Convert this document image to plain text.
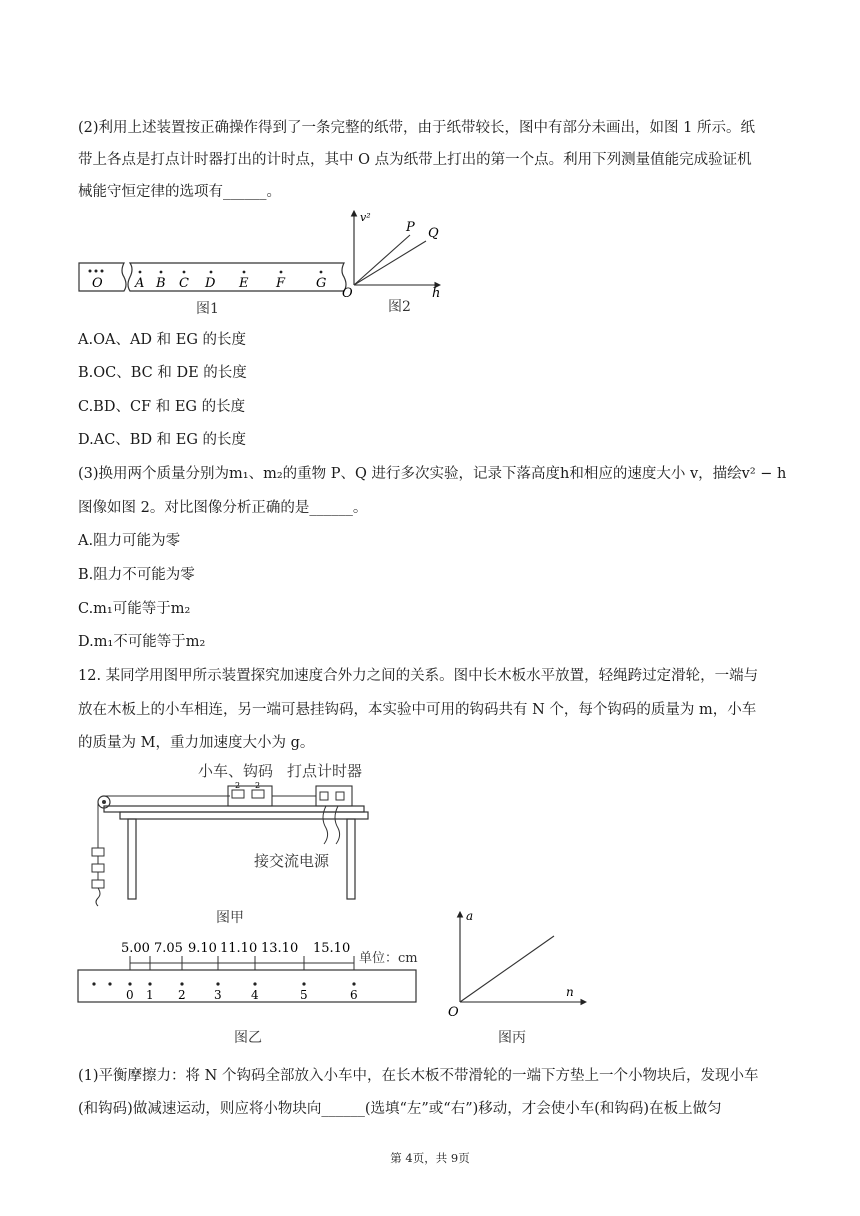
(2)利用上述装置按正确操作得到了一条完整的纸带，由于纸带较长，图中有部分未画出，如图 1 所示。纸
带上各点是打点计时器打出的计时点，其中 O 点为纸带上打出的第一个点。利用下列测量值能完成验证机
械能守恒定律的选项有______。
O A B C D E F G
图1
v²
P Q
O	h
图2
A.OA、AD 和 EG 的长度
B.OC、BC 和 DE 的长度
C.BD、CF 和 EG 的长度
D.AC、BD 和 EG 的长度
(3)换用两个质量分别为m₁、m₂的重物 P、Q 进行多次实验，记录下落高度h和相应的速度大小 v，描绘v² − h
图像如图 2。对比图像分析正确的是______。
A.阻力可能为零
B.阻力不可能为零
C.m₁可能等于m₂
D.m₁不可能等于m₂
12. 某同学用图甲所示装置探究加速度合外力之间的关系。图中长木板水平放置，轻绳跨过定滑轮，一端与
放在木板上的小车相连，另一端可悬挂钩码，本实验中可用的钩码共有 N 个，每个钩码的质量为 m，小车
的质量为 M，重力加速度大小为 g。
小车、钩码 打点计时器
2 2
接交流电源
图甲
5.00 7.05 9.10 11.10 13.10 15.10
单位：cm
0 1 2 3 4	5	6
图乙
a
O
n
图丙
(1)平衡摩擦力：将 N 个钩码全部放入小车中，在长木板不带滑轮的一端下方垫上一个小物块后，发现小车
(和钩码)做减速运动，则应将小物块向______(选填“左”或“右”)移动，才会使小车(和钩码)在板上做匀
第 4页，共 9页
